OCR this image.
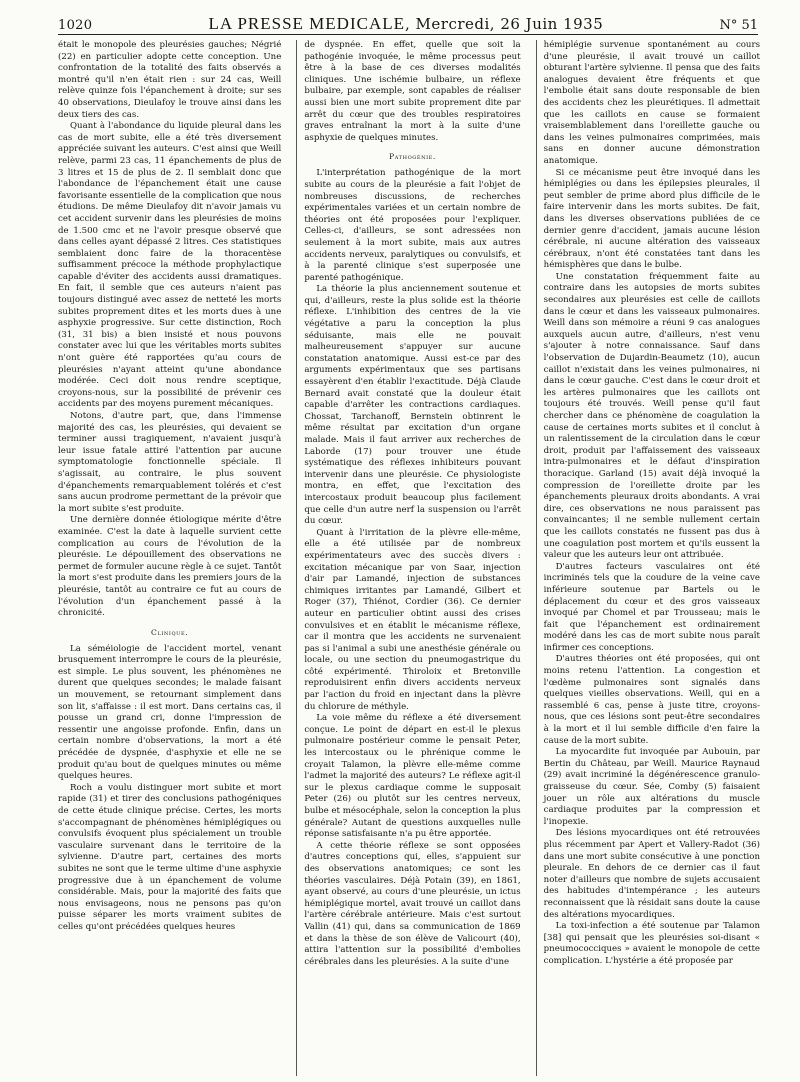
1020	LA PRESSE MEDICALE, Mercredi, 26 Juin 1935	N° 51

était le monopole des pleurésies gauches; Négrié (22) en particulier adopte cette conception. Une confrontation de la totalité des faits observés a montré qu'il n'en était rien : sur 24 cas, Weill relève quinze fois l'épanchement à droite; sur ses 40 observations, Dieulafoy le trouve ainsi dans les deux tiers des cas.

Quant à l'abondance du liquide pleural dans les cas de mort subite, elle a été très diversement appréciée suivant les auteurs. C'est ainsi que Weill relève, parmi 23 cas, 11 épanchements de plus de 3 litres et 15 de plus de 2. Il semblait donc que l'abondance de l'épanchement était une cause favorisante essentielle de la complication que nous étudions. De même Dieulafoy dit n'avoir jamais vu cet accident survenir dans les pleurésies de moins de 1.500 cmc et ne l'avoir presque observé que dans celles ayant dépassé 2 litres. Ces statistiques semblaient donc faire de la thoracentèse suffisamment précoce la méthode prophylactique capable d'éviter des accidents aussi dramatiques. En fait, il semble que ces auteurs n'aient pas toujours distingué avec assez de netteté les morts subites proprement dites et les morts dues à une asphyxie progressive. Sur cette distinction, Roch (31, 31 bis) a bien insisté et nous pouvons constater avec lui que les véritables morts subites n'ont guère été rapportées qu'au cours de pleurésies n'ayant atteint qu'une abondance modérée. Ceci doit nous rendre sceptique, croyons-nous, sur la possibilité de prévenir ces accidents par des moyens purement mécaniques.

Notons, d'autre part, que, dans l'immense majorité des cas, les pleurésies, qui devaient se terminer aussi tragiquement, n'avaient jusqu'à leur issue fatale attiré l'attention par aucune symptomatologie fonctionnelle spéciale. Il s'agissait, au contraire, le plus souvent d'épanchements remarquablement tolérés et c'est sans aucun prodrome permettant de la prévoir que la mort subite s'est produite.

Une dernière donnée étiologique mérite d'être examinée. C'est la date à laquelle survient cette complication au cours de l'évolution de la pleurésie. Le dépouillement des observations ne permet de formuler aucune règle à ce sujet. Tantôt la mort s'est produite dans les premiers jours de la pleurésie, tantôt au contraire ce fut au cours de l'évolution d'un épanchement passé à la chronicité.

Clinique.

La séméiologie de l'accident mortel, venant brusquement interrompre le cours de la pleurésie, est simple. Le plus souvent, les phénomènes ne durent que quelques secondes; le malade faisant un mouvement, se retournant simplement dans son lit, s'affaisse : il est mort. Dans certains cas, il pousse un grand cri, donne l'impression de ressentir une angoisse profonde. Enfin, dans un certain nombre d'observations, la mort a été précédée de dyspnée, d'asphyxie et elle ne se produit qu'au bout de quelques minutes ou même quelques heures.

Roch a voulu distinguer mort subite et mort rapide (31) et tirer des conclusions pathogéniques de cette étude clinique précise. Certes, les morts s'accompagnant de phénomènes hémiplégiques ou convulsifs évoquent plus spécialement un trouble vasculaire survenant dans le territoire de la sylvienne. D'autre part, certaines des morts subites ne sont que le terme ultime d'une asphyxie progressive due à un épanchement de volume considérable. Mais, pour la majorité des faits que nous envisageons, nous ne pensons pas qu'on puisse séparer les morts vraiment subites de celles qu'ont précédées quelques heures

de dyspnée. En effet, quelle que soit la pathogénie invoquée, le même processus peut être à la base de ces diverses modalités cliniques. Une ischémie bulbaire, un réflexe bulbaire, par exemple, sont capables de réaliser aussi bien une mort subite proprement dite par arrêt du cœur que des troubles respiratoires graves entraînant la mort à la suite d'une asphyxie de quelques minutes.

Pathogénie.

L'interprétation pathogénique de la mort subite au cours de la pleurésie a fait l'objet de nombreuses discussions, de recherches expérimentales variées et un certain nombre de théories ont été proposées pour l'expliquer. Celles-ci, d'ailleurs, se sont adressées non seulement à la mort subite, mais aux autres accidents nerveux, paralytiques ou convulsifs, et à la parenté clinique s'est superposée une parenté pathogénique.

La théorie la plus anciennement soutenue et qui, d'ailleurs, reste la plus solide est la théorie réflexe. L'inhibition des centres de la vie végétative a paru la conception la plus séduisante, mais elle ne pouvait malheureusement s'appuyer sur aucune constatation anatomique. Aussi est-ce par des arguments expérimentaux que ses partisans essayèrent d'en établir l'exactitude. Déjà Claude Bernard avait constaté que la douleur était capable d'arrêter les contractions cardiaques. Chossat, Tarchanoff, Bernstein obtinrent le même résultat par excitation d'un organe malade. Mais il faut arriver aux recherches de Laborde (17) pour trouver une étude systématique des réflexes inhibiteurs pouvant intervenir dans une pleurésie. Ce physiologiste montra, en effet, que l'excitation des intercostaux produit beaucoup plus facilement que celle d'un autre nerf la suspension ou l'arrêt du cœur.

Quant à l'irritation de la plèvre elle-même, elle a été utilisée par de nombreux expérimentateurs avec des succès divers : excitation mécanique par von Saar, injection d'air par Lamandé, injection de substances chimiques irritantes par Lamandé, Gilbert et Roger (37), Thiénot, Cordier (36). Ce dernier auteur en particulier obtint aussi des crises convulsives et en établit le mécanisme réflexe, car il montra que les accidents ne survenaient pas si l'animal a subi une anesthésie générale ou locale, ou une section du pneumogastrique du côté expérimenté. Thiroloix et Bretonville reproduisirent enfin divers accidents nerveux par l'action du froid en injectant dans la plèvre du chlorure de méthyle.

La voie même du réflexe a été diversement conçue. Le point de départ en est-il le plexus pulmonaire postérieur comme le pensait Peter, les intercostaux ou le phrénique comme le croyait Talamon, la plèvre elle-même comme l'admet la majorité des auteurs? Le réflexe agit-il sur le plexus cardiaque comme le supposait Peter (26) ou plutôt sur les centres nerveux, bulbe et mésocéphale, selon la conception la plus générale? Autant de questions auxquelles nulle réponse satisfaisante n'a pu être apportée.

A cette théorie réflexe se sont opposées d'autres conceptions qui, elles, s'appuient sur des observations anatomiques; ce sont les théories vasculaires. Déjà Potain (39), en 1861, ayant observé, au cours d'une pleurésie, un ictus hémiplégique mortel, avait trouvé un caillot dans l'artère cérébrale antérieure. Mais c'est surtout Vallin (41) qui, dans sa communication de 1869 et dans la thèse de son élève de Valicourt (40), attira l'attention sur la possibilité d'embolies cérébrales dans les pleurésies. A la suite d'une

hémiplégie survenue spontanément au cours d'une pleurésie, il avait trouvé un caillot obturant l'artère sylvienne. Il pensa que des faits analogues devaient être fréquents et que l'embolie était sans doute responsable de bien des accidents chez les pleurétiques. Il admettait que les caillots en cause se formaient vraisemblablement dans l'oreillette gauche ou dans les veines pulmonaires comprimées, mais sans en donner aucune démonstration anatomique.

Si ce mécanisme peut être invoqué dans les hémiplégies ou dans les épilepsies pleurales, il peut sembler de prime abord plus difficile de le faire intervenir dans les morts subites. De fait, dans les diverses observations publiées de ce dernier genre d'accident, jamais aucune lésion cérébrale, ni aucune altération des vaisseaux cérébraux, n'ont été constatées tant dans les hémisphères que dans le bulbe.

Une constatation fréquemment faite au contraire dans les autopsies de morts subites secondaires aux pleurésies est celle de caillots dans le cœur et dans les vaisseaux pulmonaires. Weill dans son mémoire a réuni 9 cas analogues auxquels aucun autre, d'ailleurs, n'est venu s'ajouter à notre connaissance. Sauf dans l'observation de Dujardin-Beaumetz (10), aucun caillot n'existait dans les veines pulmonaires, ni dans le cœur gauche. C'est dans le cœur droit et les artères pulmonaires que les caillots ont toujours été trouvés. Weill pense qu'il faut chercher dans ce phénomène de coagulation la cause de certaines morts subites et il conclut à un ralentissement de la circulation dans le cœur droit, produit par l'affaissement des vaisseaux intra-pulmonaires et le défaut d'inspiration thoracique. Garland (15) avait déjà invoqué la compression de l'oreillette droite par les épanchements pleuraux droits abondants. A vrai dire, ces observations ne nous paraissent pas convaincantes; il ne semble nullement certain que les caillots constatés ne fussent pas dus à une coagulation post mortem et qu'ils eussent la valeur que les auteurs leur ont attribuée.

D'autres facteurs vasculaires ont été incriminés tels que la coudure de la veine cave inférieure soutenue par Bartels ou le déplacement du cœur et des gros vaisseaux invoqué par Chomel et par Trousseau; mais le fait que l'épanchement est ordinairement modéré dans les cas de mort subite nous paraît infirmer ces conceptions.

D'autres théories ont été proposées, qui ont moins retenu l'attention. La congestion et l'œdème pulmonaires sont signalés dans quelques vieilles observations. Weill, qui en a rassemblé 6 cas, pense à juste titre, croyons-nous, que ces lésions sont peut-être secondaires à la mort et il lui semble difficile d'en faire la cause de la mort subite.

La myocardite fut invoquée par Aubouin, par Bertin du Château, par Weill. Maurice Raynaud (29) avait incriminé la dégénérescence granulo-graisseuse du cœur. Sée, Comby (5) faisaient jouer un rôle aux altérations du muscle cardiaque produites par la compression et l'inopexie.

Des lésions myocardiques ont été retrouvées plus récemment par Apert et Vallery-Radot (36) dans une mort subite consécutive à une ponction pleurale. En dehors de ce dernier cas il faut noter d'ailleurs que nombre de sujets accusaient des habitudes d'intempérance ; les auteurs reconnaissent que là résidait sans doute la cause des altérations myocardiques.

La toxi-infection a été soutenue par Talamon [38] qui pensait que les pleurésies soi-disant « pneumococciques » avaient le monopole de cette complication. L'hystérie a été proposée par
